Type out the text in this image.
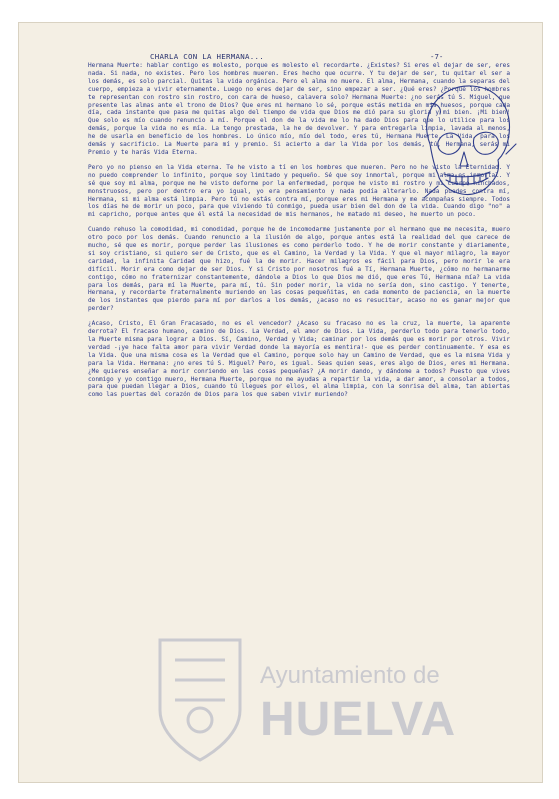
CHARLA CON LA HERMANA...	-7-

Hermana Muerte: hablar contigo es molesto, porque es molesto el recordarte. ¿Existes? Si eres el dejar de ser, eres nada. Si nada, no existes. Pero los hombres mueren. Eres hecho que ocurre. Y tu dejar de ser, tu quitar el ser a los demás, es solo parcial. Quitas la vida orgánica. Pero el alma no muere. El alma, Hermana, cuando la separas del cuerpo, empieza a vivir eternamente. Luego no eres dejar de ser, sino empezar a ser. ¿Qué eres? ¿Porqué los hombres te representan con rostro sin rostro, con cara de hueso, calavera solo? Hermana Muerte: ¿no serás tú S. Miguel, que presente las almas ante el trono de Dios? Que eres mi hermano lo sé, porque estás metida en mis huesos, porque cada día, cada instante que pasa me quitas algo del tiempo de vida que Dios me dió para su gloria y mi bien. ¡Mi bien! Que solo es mío cuando renuncio a mí. Porque el don de la vida me lo ha dado Dios para que lo utilice para los demás, porque la vida no es mía. La tengo prestada, la he de devolver. Y para entregarla limpia, lavada al menos, he de usarla en beneficio de los hombres. Lo único mío, mío del todo, eres tú, Hermana Muerte. La Vida, para los demás y sacrificio. La Muerte para mí y premio. Si acierto a dar la Vida por los demás, tú, Hermana, serás mi Premio y te harás Vida Eterna.

Pero yo no pienso en la Vida eterna. Te he visto a tí en los hombres que mueren. Pero no he visto la Eternidad. Y no puedo comprender lo infinito, porque soy limitado y pequeño. Sé que soy inmortal, porque mi alma es inmortal. Y sé que soy mi alma, porque me he visto deforme por la enfermedad, porque he visto mi rostro y mi cuerpo hinchados, monstruosos, pero por dentro era yo igual, yo era pensamiento y nada podía alterarlo. Nada puedes contra mí, Hermana, si mi alma está limpia. Pero tú no estás contra mí, porque eres mi Hermana y me acompañas siempre. Todos los días he de morir un poco, para que viviendo tú conmigo, pueda usar bien del don de la vida. Cuando digo "no" a mi capricho, porque antes que él está la necesidad de mis hermanos, he matado mi deseo, he muerto un poco.

Cuando rehuso la comodidad, mi comodidad, porque he de incomodarme justamente por el hermano que me necesita, muero otro poco por los demás. Cuando renuncio a la ilusión de algo, porque antes está la realidad del que carece de mucho, sé que es morir, porque perder las ilusiones es como perderlo todo. Y he de morir constante y diariamente, si soy cristiano, si quiero ser de Cristo, que es el Camino, la Verdad y la Vida. Y que el mayor milagro, la mayor caridad, la infinita Caridad que hizo, fué la de morir. Hacer milagros es fácil para Dios, pero morir le era difícil. Morir era como dejar de ser Dios. Y si Cristo por nosotros fué a Tí, Hermana Muerte, ¿cómo no hermanarme contigo, cómo no fraternizar constantemente, dándole a Dios lo que Dios me dió, que eres Tú, Hermana mía? La vida para los demás, para mí la Muerte, para mí, tú. Sin poder morir, la vida no sería don, sino castigo. Y tenerte, Hermana, y recordarte fraternalmente muriendo en las cosas pequeñitas, en cada momento de paciencia, en la muerte de los instantes que pierdo para mí por darlos a los demás, ¿acaso no es resucitar, acaso no es ganar mejor que perder?

¿Acaso, Cristo, El Gran Fracasado, no es el vencedor? ¿Acaso su fracaso no es la cruz, la muerte, la aparente derrota? El fracaso humano, camino de Dios. La Verdad, el amor de Dios. La Vida, perderlo todo para tenerlo todo, la Muerte misma para lograr a Dios. Sí, Camino, Verdad y Vida; caminar por los demás que es morir por otros. Vivir verdad -¡ye hace falta amor para vivir Verdad donde la mayoría es mentira!- que es perder continuamente. Y esa es la Vida. Que una misma cosa es la Verdad que el Camino, porque solo hay un Camino de Verdad, que es la misma Vida y para la Vida. Hermana: ¿no eres tú S. Miguel? Pero, es igual. Seas quien seas, eres algo de Dios, eres mi Hermana. ¿Me quieres enseñar a morir conriendo en las cosas pequeñas? ¿A morir dando, y dándome a todos? Puesto que vives conmigo y yo contigo muero, Hermana Muerte, porque no me ayudas a repartir la vida, a dar amor, a consolar a todos, para que puedan llegar a Dios, cuando tú llegues por ellos, el alma limpia, con la sonrisa del alma, tan abiertas como las puertas del corazón de Dios para los que saben vivir muriendo?

Ayuntamiento de
HUELVA
